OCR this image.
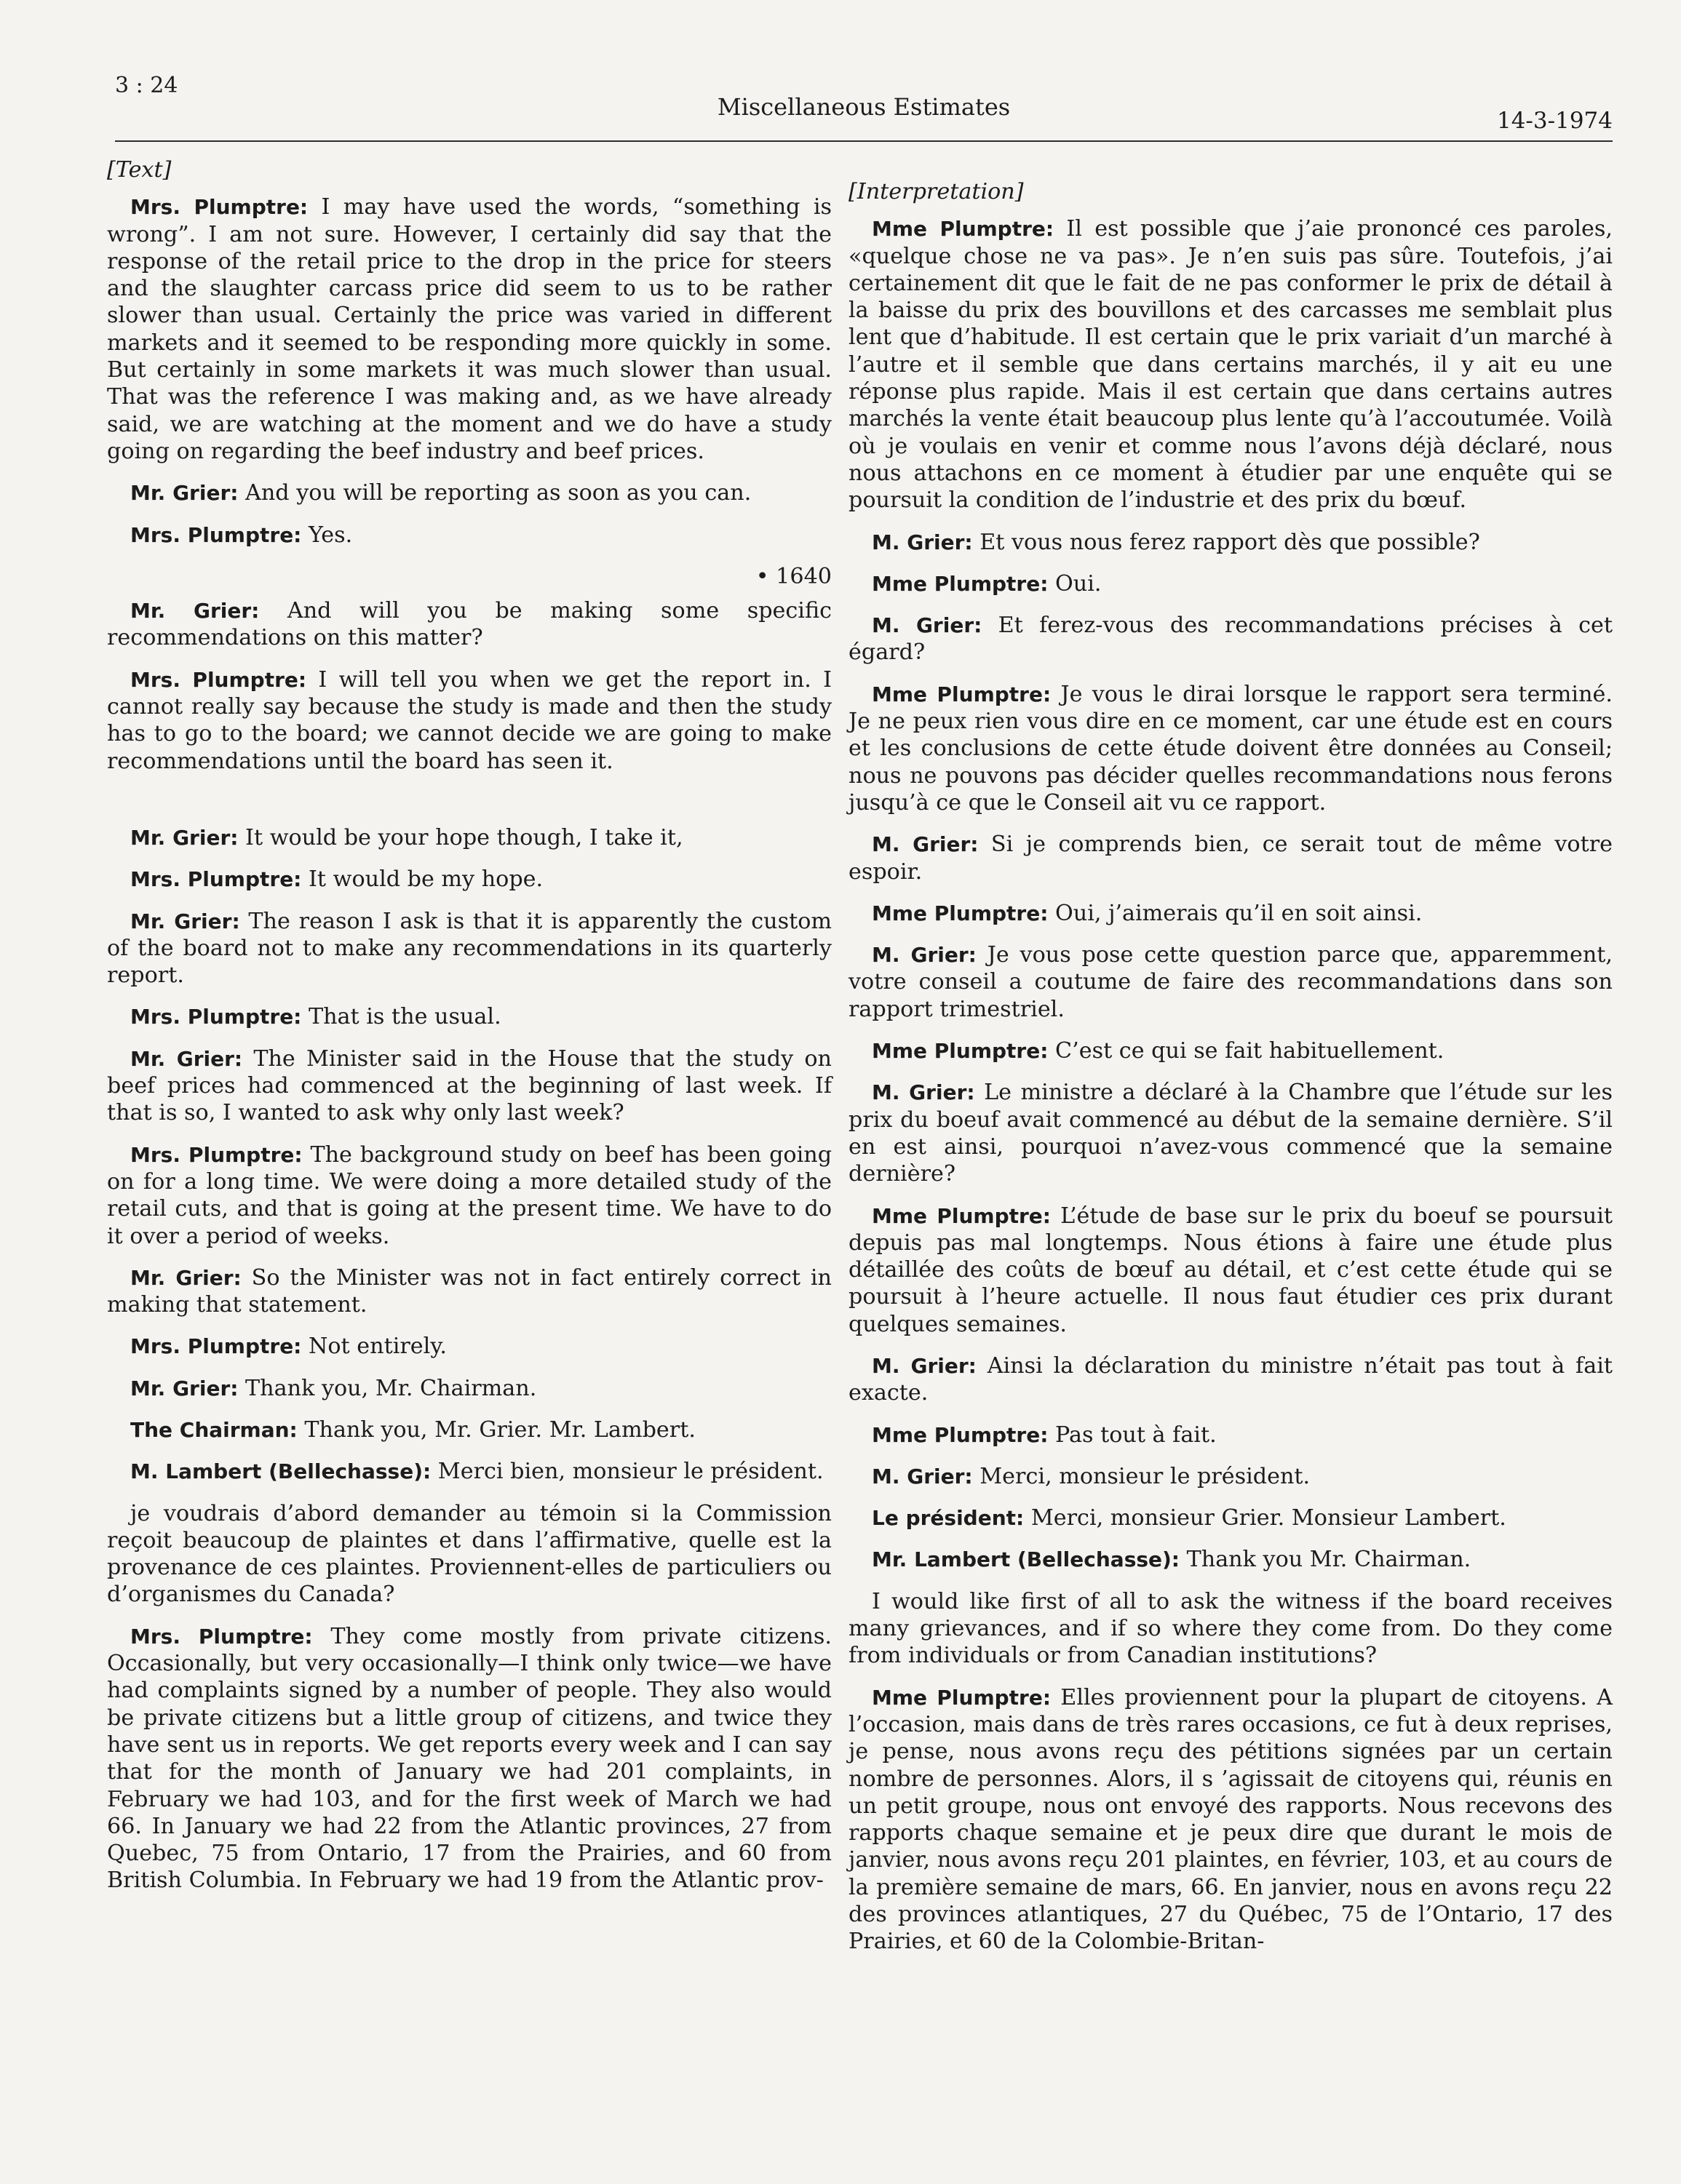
3 : 24
Miscellaneous Estimates	14-3-1974
[Text]

Mrs. Plumptre: I may have used the words, “something is wrong”. I am not sure. However, I certainly did say that the response of the retail price to the drop in the price for steers and the slaughter carcass price did seem to us to be rather slower than usual. Certainly the price was varied in different markets and it seemed to be responding more quickly in some. But certainly in some markets it was much slower than usual. That was the reference I was making and, as we have already said, we are watching at the moment and we do have a study going on regarding the beef industry and beef prices.

Mr. Grier: And you will be reporting as soon as you can.

Mrs. Plumptre: Yes.

• 1640

Mr. Grier: And will you be making some specific recommendations on this matter?

Mrs. Plumptre: I will tell you when we get the report in. I cannot really say because the study is made and then the study has to go to the board; we cannot decide we are going to make recommendations until the board has seen it.

Mr. Grier: It would be your hope though, I take it,

Mrs. Plumptre: It would be my hope.

Mr. Grier: The reason I ask is that it is apparently the custom of the board not to make any recommendations in its quarterly report.

Mrs. Plumptre: That is the usual.

Mr. Grier: The Minister said in the House that the study on beef prices had commenced at the beginning of last week. If that is so, I wanted to ask why only last week?

Mrs. Plumptre: The background study on beef has been going on for a long time. We were doing a more detailed study of the retail cuts, and that is going at the present time. We have to do it over a period of weeks.

Mr. Grier: So the Minister was not in fact entirely correct in making that statement.

Mrs. Plumptre: Not entirely.

Mr. Grier: Thank you, Mr. Chairman.

The Chairman: Thank you, Mr. Grier. Mr. Lambert.

M. Lambert (Bellechasse): Merci bien, monsieur le président.

je voudrais d’abord demander au témoin si la Commission reçoit beaucoup de plaintes et dans l’affirmative, quelle est la provenance de ces plaintes. Proviennent-elles de particuliers ou d’organismes du Canada?

Mrs. Plumptre: They come mostly from private citizens. Occasionally, but very occasionally—I think only twice—we have had complaints signed by a number of people. They also would be private citizens but a little group of citizens, and twice they have sent us in reports. We get reports every week and I can say that for the month of January we had 201 complaints, in February we had 103, and for the first week of March we had 66. In January we had 22 from the Atlantic provinces, 27 from Quebec, 75 from Ontario, 17 from the Prairies, and 60 from British Columbia. In February we had 19 from the Atlantic prov-

[Interpretation]

Mme Plumptre: Il est possible que j’aie prononcé ces paroles, «quelque chose ne va pas». Je n’en suis pas sûre. Toutefois, j’ai certainement dit que le fait de ne pas conformer le prix de détail à la baisse du prix des bouvillons et des carcasses me semblait plus lent que d’habitude. Il est certain que le prix variait d’un marché à l’autre et il semble que dans certains marchés, il y ait eu une réponse plus rapide. Mais il est certain que dans certains autres marchés la vente était beaucoup plus lente qu’à l’accoutumée. Voilà où je voulais en venir et comme nous l’avons déjà déclaré, nous nous attachons en ce moment à étudier par une enquête qui se poursuit la condition de l’industrie et des prix du bœuf.

M. Grier: Et vous nous ferez rapport dès que possible?

Mme Plumptre: Oui.

M. Grier: Et ferez-vous des recommandations précises à cet égard?

Mme Plumptre: Je vous le dirai lorsque le rapport sera terminé. Je ne peux rien vous dire en ce moment, car une étude est en cours et les conclusions de cette étude doivent être données au Conseil; nous ne pouvons pas décider quelles recommandations nous ferons jusqu’à ce que le Conseil ait vu ce rapport.

M. Grier: Si je comprends bien, ce serait tout de même votre espoir.

Mme Plumptre: Oui, j’aimerais qu’il en soit ainsi.

M. Grier: Je vous pose cette question parce que, apparemment, votre conseil a coutume de faire des recommandations dans son rapport trimestriel.

Mme Plumptre: C’est ce qui se fait habituellement.

M. Grier: Le ministre a déclaré à la Chambre que l’étude sur les prix du boeuf avait commencé au début de la semaine dernière. S’il en est ainsi, pourquoi n’avez-vous commencé que la semaine dernière?

Mme Plumptre: L’étude de base sur le prix du boeuf se poursuit depuis pas mal longtemps. Nous étions à faire une étude plus détaillée des coûts de bœuf au détail, et c’est cette étude qui se poursuit à l’heure actuelle. Il nous faut étudier ces prix durant quelques semaines.

M. Grier: Ainsi la déclaration du ministre n’était pas tout à fait exacte.

Mme Plumptre: Pas tout à fait.

M. Grier: Merci, monsieur le président.

Le président: Merci, monsieur Grier. Monsieur Lambert.

Mr. Lambert (Bellechasse): Thank you Mr. Chairman.

I would like first of all to ask the witness if the board receives many grievances, and if so where they come from. Do they come from individuals or from Canadian institutions?

Mme Plumptre: Elles proviennent pour la plupart de citoyens. A l’occasion, mais dans de très rares occasions, ce fut à deux reprises, je pense, nous avons reçu des pétitions signées par un certain nombre de personnes. Alors, il s ’agissait de citoyens qui, réunis en un petit groupe, nous ont envoyé des rapports. Nous recevons des rapports chaque semaine et je peux dire que durant le mois de janvier, nous avons reçu 201 plaintes, en février, 103, et au cours de la première semaine de mars, 66. En janvier, nous en avons reçu 22 des provinces atlantiques, 27 du Québec, 75 de l’Ontario, 17 des Prairies, et 60 de la Colombie-Britan-
